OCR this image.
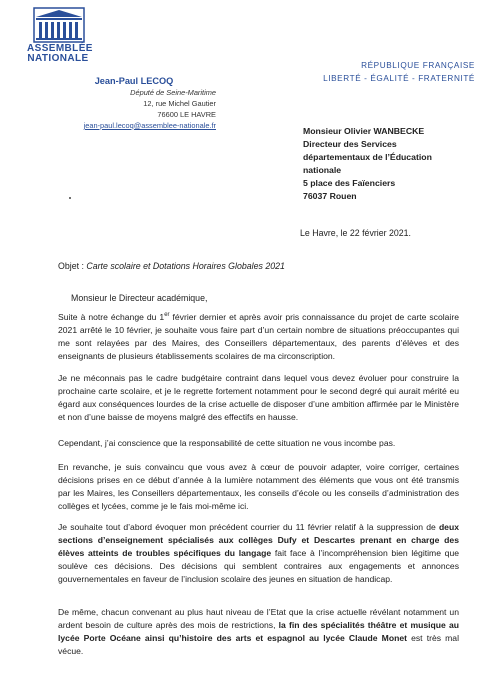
ASSEMBLÉE
NATIONALE
RÉPUBLIQUE FRANÇAISE
LIBERTÉ - ÉGALITÉ - FRATERNITÉ
Jean-Paul LECOQ
Député de Seine-Maritime
12, rue Michel Gautier
76600 LE HAVRE
jean-paul.lecoq@assemblee-nationale.fr
Monsieur Olivier WANBECKE
Directeur des Services
départementaux de l’Éducation
nationale
5 place des Faïenciers
76037 Rouen
Le Havre, le 22 février 2021.
Objet : Carte scolaire et Dotations Horaires Globales 2021
Monsieur le Directeur académique,
Suite à notre échange du 1er février dernier et après avoir pris connaissance du projet de carte scolaire 2021 arrêté le 10 février, je souhaite vous faire part d’un certain nombre de situations préoccupantes qui me sont relayées par des Maires, des Conseillers départementaux, des parents d’élèves et des enseignants de plusieurs établissements scolaires de ma circonscription.
Je ne méconnais pas le cadre budgétaire contraint dans lequel vous devez évoluer pour construire la prochaine carte scolaire, et je le regrette fortement notamment pour le second degré qui aurait mérité eu égard aux conséquences lourdes de la crise actuelle de disposer d’une ambition affirmée par le Ministère et non d’une baisse de moyens malgré des effectifs en hausse.
Cependant, j’ai conscience que la responsabilité de cette situation ne vous incombe pas.
En revanche, je suis convaincu que vous avez à cœur de pouvoir adapter, voire corriger, certaines décisions prises en ce début d’année à la lumière notamment des éléments que vous ont été transmis par les Maires, les Conseillers départementaux, les conseils d’école ou les conseils d’administration des collèges et lycées, comme je le fais moi-même ici.
Je souhaite tout d’abord évoquer mon précédent courrier du 11 février relatif à la suppression de deux sections d’enseignement spécialisés aux collèges Dufy et Descartes prenant en charge des élèves atteints de troubles spécifiques du langage fait face à l’incompréhension bien légitime que soulève ces décisions. Des décisions qui semblent contraires aux engagements et annonces gouvernementales en faveur de l’inclusion scolaire des jeunes en situation de handicap.
De même, chacun convenant au plus haut niveau de l’Etat que la crise actuelle révélant notamment un ardent besoin de culture après des mois de restrictions, la fin des spécialités théâtre et musique au lycée Porte Océane ainsi qu’histoire des arts et espagnol au lycée Claude Monet est très mal vécue.
